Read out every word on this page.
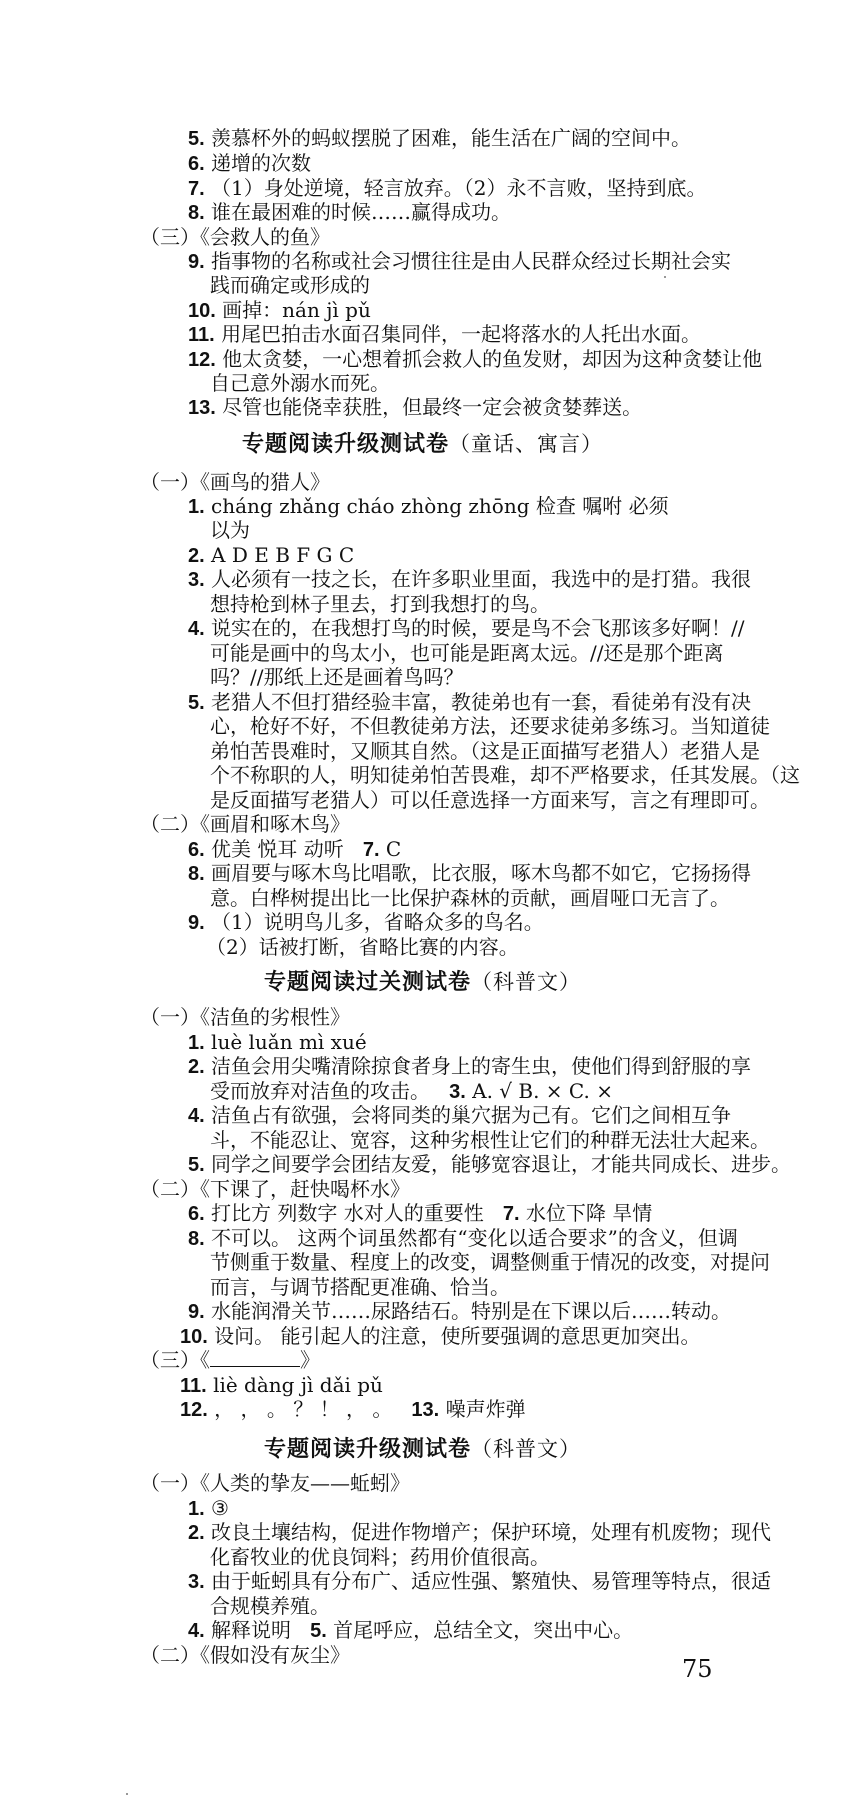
5. 羡慕杯外的蚂蚁摆脱了困难，能生活在广阔的空间中。
6. 递增的次数
7. （1）身处逆境，轻言放弃。（2）永不言败，坚持到底。
8. 谁在最困难的时候……赢得成功。
（三）《会救人的鱼》
9. 指事物的名称或社会习惯往往是由人民群众经过长期社会实
践而确定或形成的
10. 画掉：nán jì pǔ
11. 用尾巴拍击水面召集同伴，一起将落水的人托出水面。
12. 他太贪婪，一心想着抓会救人的鱼发财，却因为这种贪婪让他
自己意外溺水而死。
13. 尽管也能侥幸获胜，但最终一定会被贪婪葬送。
专题阅读升级测试卷（童话、寓言）
（一）《画鸟的猎人》
1. cháng zhǎng cháo zhòng zhōng 检查 嘱咐 必须
以为
2. A D E B F G C
3. 人必须有一技之长，在许多职业里面，我选中的是打猎。我很
想持枪到林子里去，打到我想打的鸟。
4. 说实在的，在我想打鸟的时候，要是鸟不会飞那该多好啊！//
可能是画中的鸟太小，也可能是距离太远。//还是那个距离
吗？//那纸上还是画着鸟吗？
5. 老猎人不但打猎经验丰富，教徒弟也有一套，看徒弟有没有决
心，枪好不好，不但教徒弟方法，还要求徒弟多练习。当知道徒
弟怕苦畏难时，又顺其自然。（这是正面描写老猎人）老猎人是
个不称职的人，明知徒弟怕苦畏难，却不严格要求，任其发展。（这
是反面描写老猎人）可以任意选择一方面来写，言之有理即可。
（二）《画眉和啄木鸟》
6. 优美 悦耳 动听 7. C
8. 画眉要与啄木鸟比唱歌，比衣服，啄木鸟都不如它，它扬扬得
意。白桦树提出比一比保护森林的贡献，画眉哑口无言了。
9. （1）说明鸟儿多，省略众多的鸟名。
（2）话被打断，省略比赛的内容。
专题阅读过关测试卷（科普文）
（一）《洁鱼的劣根性》
1. luè luǎn mì xué
2. 洁鱼会用尖嘴清除掠食者身上的寄生虫，使他们得到舒服的享
受而放弃对洁鱼的攻击。 3. A. √ B. × C. ×
4. 洁鱼占有欲强，会将同类的巢穴据为己有。它们之间相互争
斗，不能忍让、宽容，这种劣根性让它们的种群无法壮大起来。
5. 同学之间要学会团结友爱，能够宽容退让，才能共同成长、进步。
（二）《下课了，赶快喝杯水》
6. 打比方 列数字 水对人的重要性 7. 水位下降 旱情
8. 不可以。 这两个词虽然都有“变化以适合要求”的含义，但调
节侧重于数量、程度上的改变，调整侧重于情况的改变，对提问
而言，与调节搭配更准确、恰当。
9. 水能润滑关节……尿路结石。特别是在下课以后……转动。
10. 设问。 能引起人的注意，使所要强调的意思更加突出。
（三）《	》
11. liè dàng jì dǎi pǔ
12. ， ， 。 ？ ！ ， 。 13. 噪声炸弹
专题阅读升级测试卷（科普文）
（一）《人类的挚友——蚯蚓》
1. ③
2. 改良土壤结构，促进作物增产；保护环境，处理有机废物；现代
化畜牧业的优良饲料；药用价值很高。
3. 由于蚯蚓具有分布广、适应性强、繁殖快、易管理等特点，很适
合规模养殖。
4. 解释说明 5. 首尾呼应，总结全文，突出中心。
（二）《假如没有灰尘》	75
